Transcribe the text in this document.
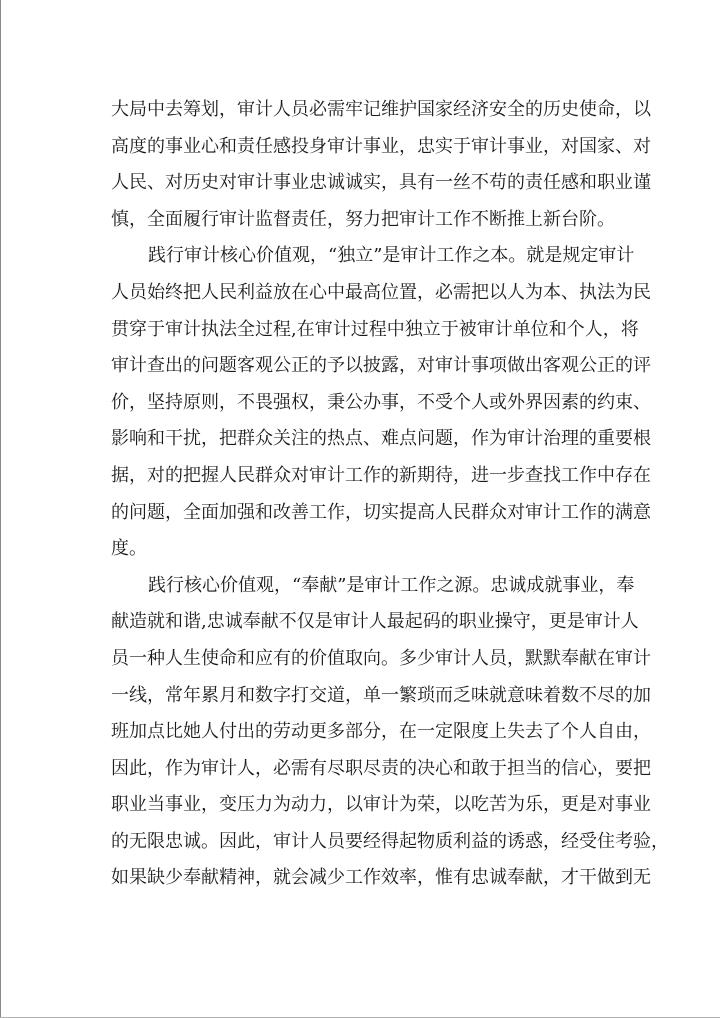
大局中去筹划，审计人员必需牢记维护国家经济安全的历史使命，以
高度的事业心和责任感投身审计事业，忠实于审计事业，对国家、对
人民、对历史对审计事业忠诚诚实，具有一丝不苟的责任感和职业谨
慎，全面履行审计监督责任，努力把审计工作不断推上新台阶。
践行审计核心价值观，“独立”是审计工作之本。就是规定审计
人员始终把人民利益放在心中最高位置，必需把以人为本、执法为民
贯穿于审计执法全过程,在审计过程中独立于被审计单位和个人，将
审计查出的问题客观公正的予以披露，对审计事项做出客观公正的评
价，坚持原则，不畏强权，秉公办事，不受个人或外界因素的约束、
影响和干扰，把群众关注的热点、难点问题，作为审计治理的重要根
据，对的把握人民群众对审计工作的新期待，进一步查找工作中存在
的问题，全面加强和改善工作，切实提高人民群众对审计工作的满意
度。
践行核心价值观，“奉献”是审计工作之源。忠诚成就事业，奉
献造就和谐,忠诚奉献不仅是审计人最起码的职业操守，更是审计人
员一种人生使命和应有的价值取向。多少审计人员，默默奉献在审计
一线，常年累月和数字打交道，单一繁琐而乏味就意味着数不尽的加
班加点比她人付出的劳动更多部分，在一定限度上失去了个人自由，
因此，作为审计人，必需有尽职尽责的决心和敢于担当的信心，要把
职业当事业，变压力为动力，以审计为荣，以吃苦为乐，更是对事业
的无限忠诚。因此，审计人员要经得起物质利益的诱惑，经受住考验，
如果缺少奉献精神，就会减少工作效率，惟有忠诚奉献，才干做到无
